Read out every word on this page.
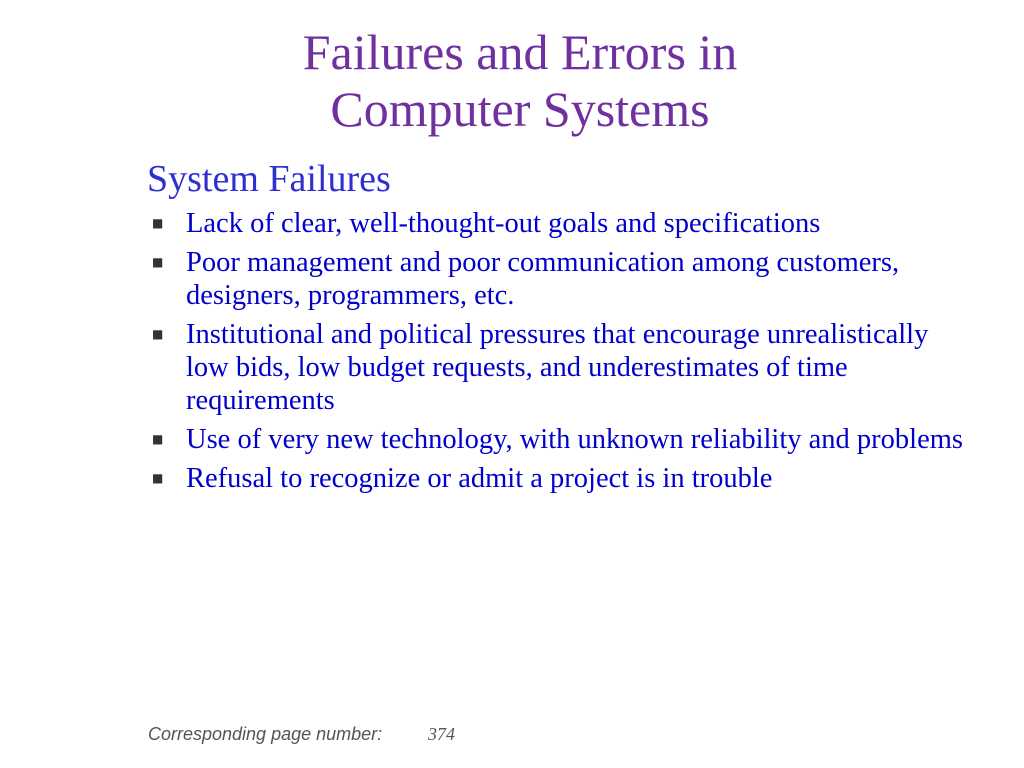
Failures and Errors in
Computer Systems
System Failures
■ Lack of clear, well-thought-out goals and specifications
■ Poor management and poor communication among customers, designers, programmers, etc.
■ Institutional and political pressures that encourage unrealistically low bids, low budget requests, and underestimates of time requirements
■ Use of very new technology, with unknown reliability and problems
■ Refusal to recognize or admit a project is in trouble
Corresponding page number:	374
